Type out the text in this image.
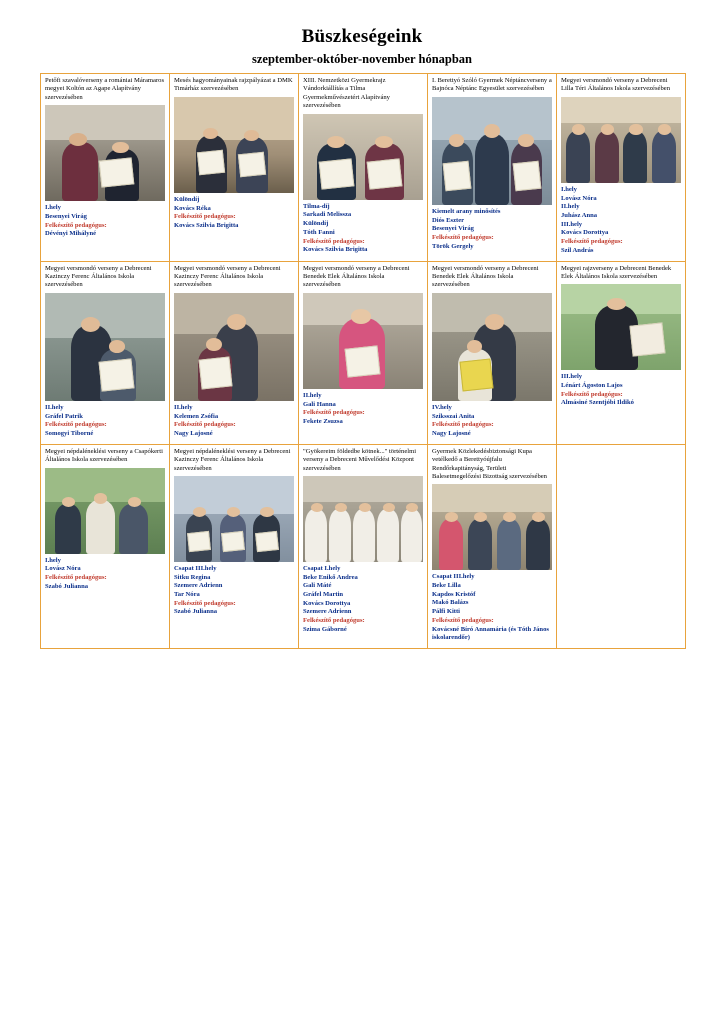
Büszkeségeink
szeptember-október-november hónapban
Petőfi szavalóverseny a romániai Máramaros megyei Koltón az Agape Alapítvány szervezésében
I.hely
Besenyei Virág
Felkészítő pedagógus:
Dévényi Mihályné

Mesés hagyományainak rajzpályázat a DMK Timárház szervezésében
Különdíj
Kovács Réka
Felkészítő pedagógus:
Kovács Szilvia Brigitta

XIII. Nemzetközi Gyermekrajz Vándorkiállítás a Tilma Gyermekművészetért Alapítvány szervezésében
Tilma-díj
Sarkadi Melissza
Különdíj
Tóth Fanni
Felkészítő pedagógus:
Kovács Szilvia Brigitta

I. Berettyó Szóló Gyermek Néptáncverseny a Bajnóca Néptánc Egyesület szervezésében
Kiemelt arany minősítés
Diós Eszter
Besenyei Virág
Felkészítő pedagógus:
Török Gergely

Megyei versmondó verseny a Debreceni Lilla Téri Általános Iskola szervezésében
I.hely
Lovász Nóra
II.hely
Juhász Anna
III.hely
Kovács Dorottya
Felkészítő pedagógus:
Szil András

Megyei versmondó verseny a Debreceni Kazinczy Ferenc Általános Iskola szervezésében
II.hely
Gráfel Patrik
Felkészítő pedagógus:
Somogyi Tiborné

Megyei versmondó verseny a Debreceni Kazinczy Ferenc Általános Iskola szervezésében
II.hely
Kelemen Zsófia
Felkészítő pedagógus:
Nagy Lajosné

Megyei versmondó verseny a Debreceni Benedek Elek Általános Iskola szervezésében
II.hely
Gali Hanna
Felkészítő pedagógus:
Fekete Zsuzsa

Megyei versmondó verseny a Debreceni Benedek Elek Általános Iskola szervezésében
IV.hely
Sziksszai Anita
Felkészítő pedagógus:
Nagy Lajosné

Megyei rajzverseny a Debreceni Benedek Elek Általános Iskola szervezésében
III.hely
Lénárt Ágoston Lajos
Felkészítő pedagógus:
Almásiné Szentjóbi Ildikó

Megyei népdaléneklési verseny a Csapókerti Általános Iskola szervezésében
I.hely
Lovász Nóra
Felkészítő pedagógus:
Szabó Julianna

Megyei népdaléneklési verseny a Debreceni Kazinczy Ferenc Általános Iskola szervezésében
Csapat III.hely
Sitku Regina
Szemere Adrienn
Tar Nóra
Felkészítő pedagógus:
Szabó Julianna

"Gyökereim földedbe kötnek..." történelmi verseny a Debreceni Művelődési Központ szervezésében
Csapat I.hely
Beke Enikő Andrea
Gali Máté
Gráfel Martin
Kovács Dorottya
Szemere Adrienn
Felkészítő pedagógus:
Szima Gáborné

Gyermek Közlekedésbiztonsági Kupa vetélkedő a Berettyóújfalu Rendőrkapitányság, Területi Balesetmegelőzési Bizottság szervezésében
Csapat III.hely
Beke Lilla
Kapdos Kristóf
Makó Balázs
Pálfi Kitti
Felkészítő pedagógus:
Kovácsné Bíró Annamária (és Tóth János iskolarendőr)
